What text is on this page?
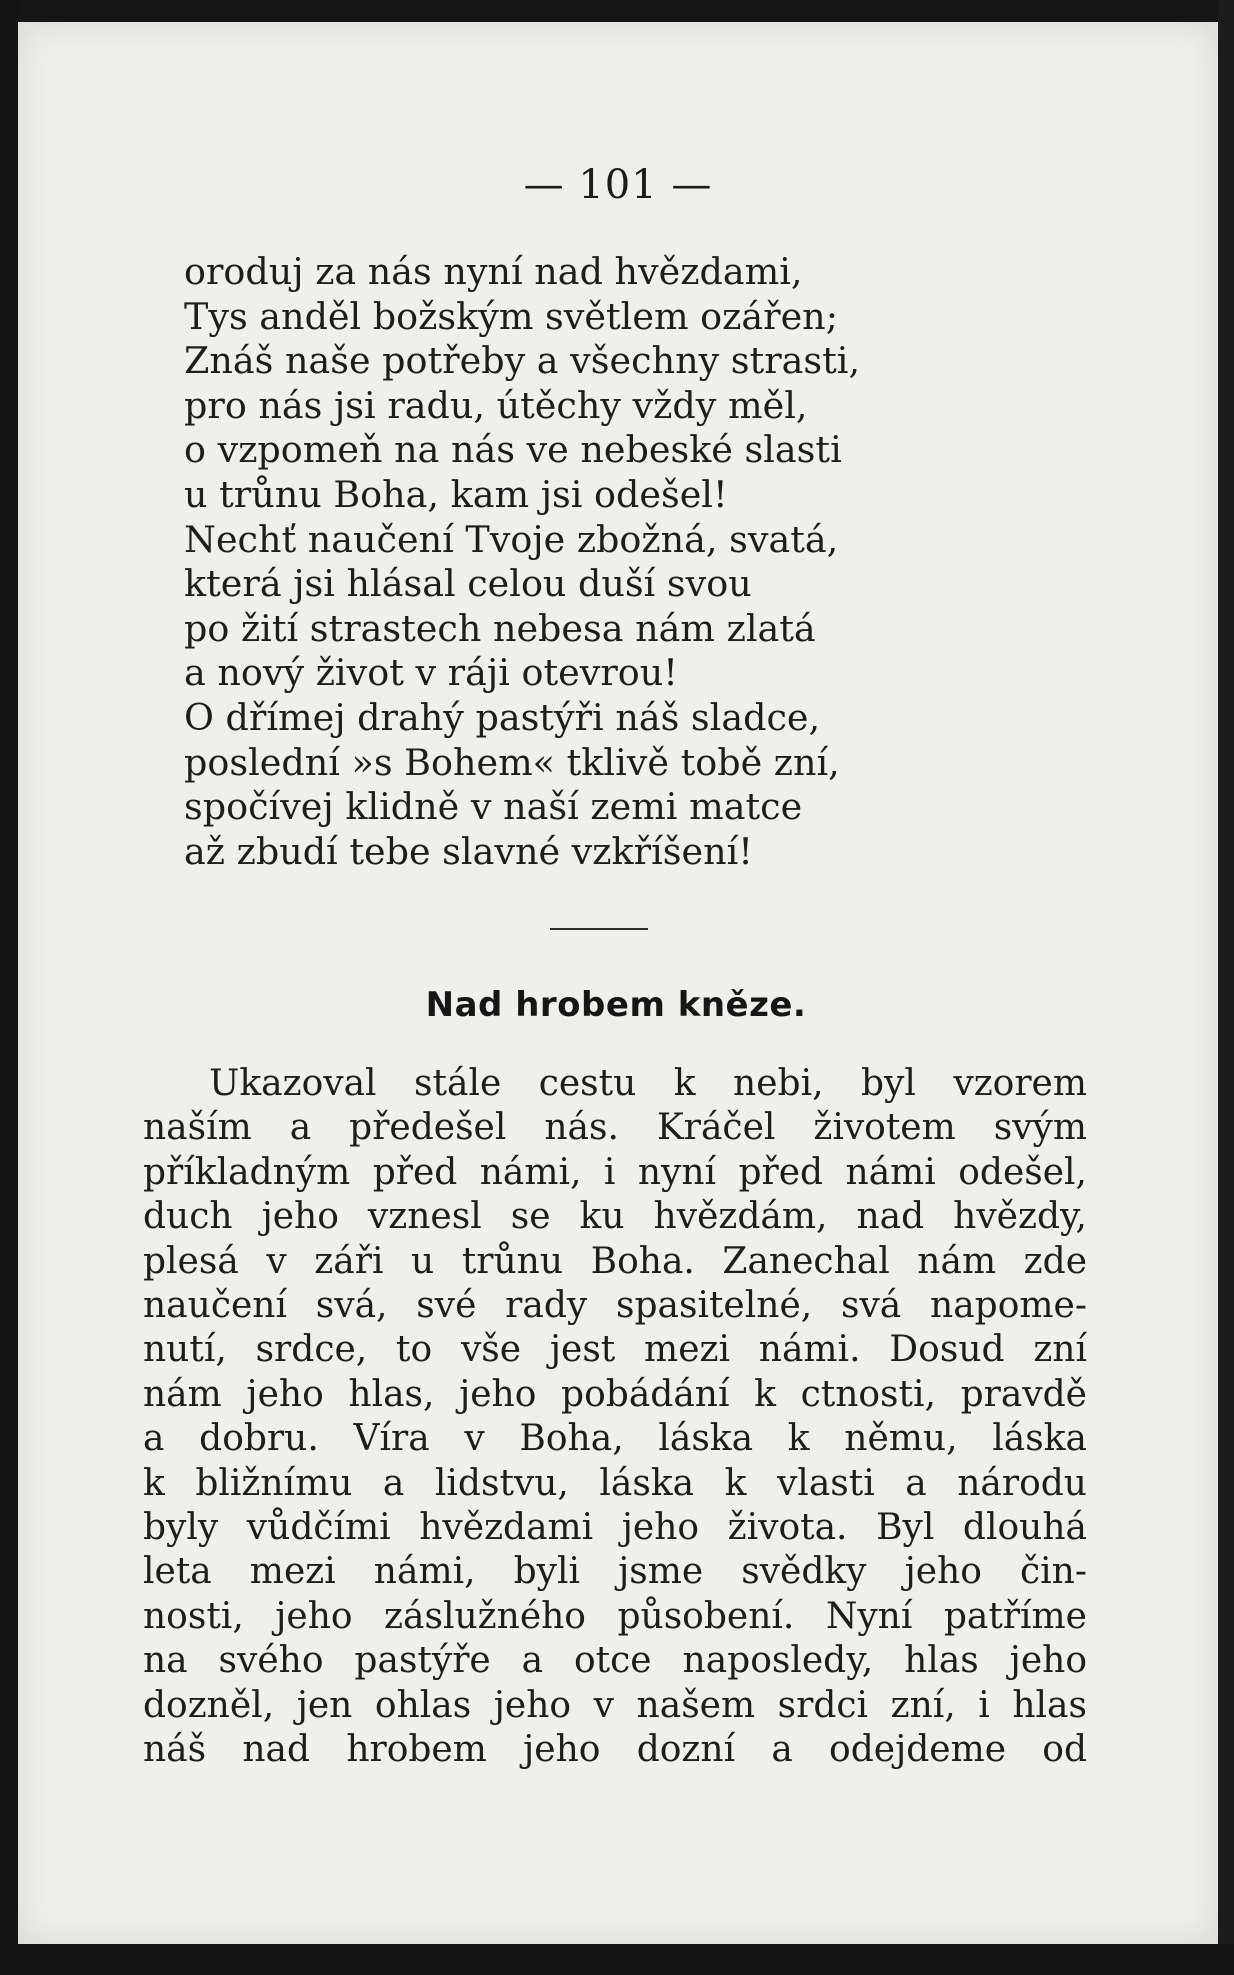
— 101 —
oroduj za nás nyní nad hvězdami,
Tys anděl božským světlem ozářen;
Znáš naše potřeby a všechny strasti,
pro nás jsi radu, útěchy vždy měl,
o vzpomeň na nás ve nebeské slasti
u trůnu Boha, kam jsi odešel!
Nechť naučení Tvoje zbožná, svatá,
která jsi hlásal celou duší svou
po žití strastech nebesa nám zlatá
a nový život v ráji otevrou!
O dřímej drahý pastýři náš sladce,
poslední »s Bohem« tklivě tobě zní,
spočívej klidně v naší zemi matce
až zbudí tebe slavné vzkříšení!
Nad hrobem kněze.
Ukazoval stále cestu k nebi, byl vzorem
naším a předešel nás. Kráčel životem svým
příkladným před námi, i nyní před námi odešel,
duch jeho vznesl se ku hvězdám, nad hvězdy,
plesá v záři u trůnu Boha. Zanechal nám zde
naučení svá, své rady spasitelné, svá napome-
nutí, srdce, to vše jest mezi námi. Dosud zní
nám jeho hlas, jeho pobádání k ctnosti, pravdě
a dobru. Víra v Boha, láska k němu, láska
k bližnímu a lidstvu, láska k vlasti a národu
byly vůdčími hvězdami jeho života. Byl dlouhá
leta mezi námi, byli jsme svědky jeho čin-
nosti, jeho záslužného působení. Nyní patříme
na svého pastýře a otce naposledy, hlas jeho
dozněl, jen ohlas jeho v našem srdci zní, i hlas
náš nad hrobem jeho dozní a odejdeme od
